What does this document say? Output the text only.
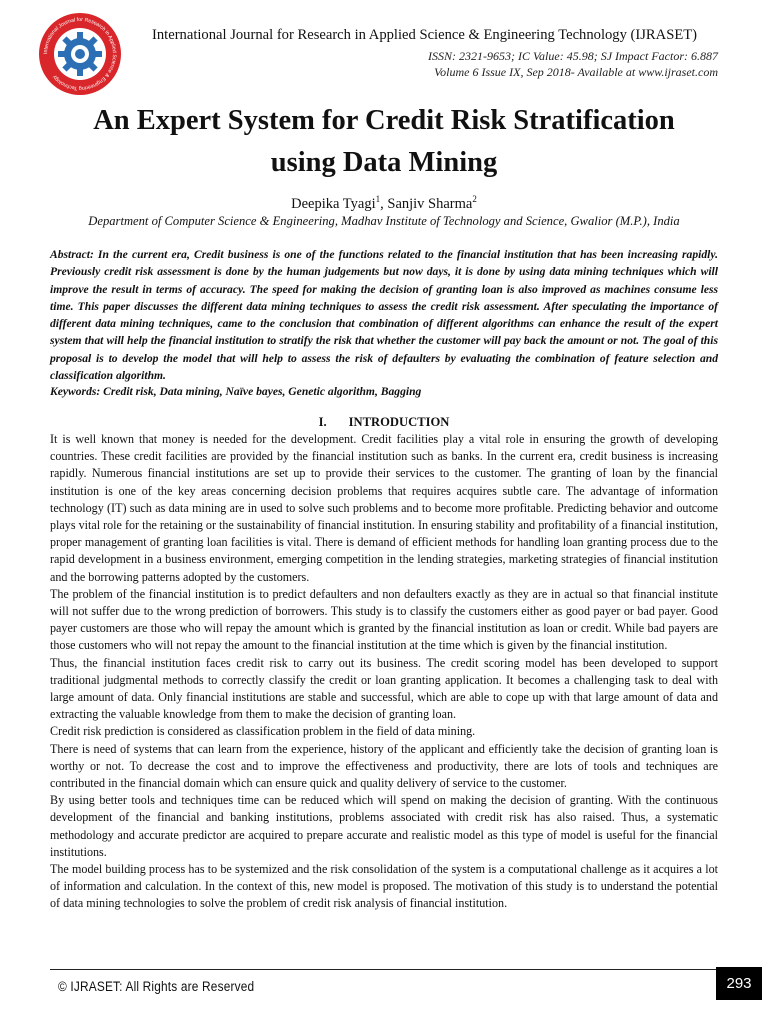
International Journal for Research in Applied Science & Engineering Technology
International Journal for Research in Applied Science & Engineering Technology (IJRASET)
ISSN: 2321-9653; IC Value: 45.98; SJ Impact Factor: 6.887
Volume 6 Issue IX, Sep 2018- Available at www.ijraset.com
An Expert System for Credit Risk Stratification
using Data Mining
Deepika Tyagi$^1$, Sanjiv Sharma$^2$
Department of Computer Science & Engineering, Madhav Institute of Technology and Science, Gwalior (M.P.), India

Abstract: In the current era, Credit business is one of the functions related to the financial institution that has been increasing rapidly. Previously credit risk assessment is done by the human judgements but now days, it is done by using data mining techniques which will improve the result in terms of accuracy. The speed for making the decision of granting loan is also improved as machines consume less time. This paper discusses the different data mining techniques to assess the credit risk assessment. After speculating the importance of different data mining techniques, came to the conclusion that combination of different algorithms can enhance the result of the expert system that will help the financial institution to stratify the risk that whether the customer will pay back the amount or not. The goal of this proposal is to develop the model that will help to assess the risk of defaulters by evaluating the combination of feature selection and classification algorithm.

Keywords: Credit risk, Data mining, Naïve bayes, Genetic algorithm, Bagging

I. INTRODUCTION

It is well known that money is needed for the development. Credit facilities play a vital role in ensuring the growth of developing countries. These credit facilities are provided by the financial institution such as banks. In the current era, credit business is increasing rapidly. Numerous financial institutions are set up to provide their services to the customer. The granting of loan by the financial institution is one of the key areas concerning decision problems that requires acquires subtle care. The advantage of information technology (IT) such as data mining are in used to solve such problems and to become more profitable. Predicting behavior and outcome plays vital role for the retaining or the sustainability of financial institution. In ensuring stability and profitability of a financial institution, proper management of granting loan facilities is vital. There is demand of efficient methods for handling loan granting process due to the rapid development in a business environment, emerging competition in the lending strategies, marketing strategies of financial institution and the borrowing patterns adopted by the customers.

The problem of the financial institution is to predict defaulters and non defaulters exactly as they are in actual so that financial institute will not suffer due to the wrong prediction of borrowers. This study is to classify the customers either as good payer or bad payer. Good payer customers are those who will repay the amount which is granted by the financial institution as loan or credit. While bad payers are those customers who will not repay the amount to the financial institution at the time which is given by the financial institution.

Thus, the financial institution faces credit risk to carry out its business. The credit scoring model has been developed to support traditional judgmental methods to correctly classify the credit or loan granting application. It becomes a challenging task to deal with large amount of data. Only financial institutions are stable and successful, which are able to cope up with that large amount of data and extracting the valuable knowledge from them to make the decision of granting loan.

Credit risk prediction is considered as classification problem in the field of data mining.

There is need of systems that can learn from the experience, history of the applicant and efficiently take the decision of granting loan is worthy or not. To decrease the cost and to improve the effectiveness and productivity, there are lots of tools and techniques are contributed in the financial domain which can ensure quick and quality delivery of service to the customer.

By using better tools and techniques time can be reduced which will spend on making the decision of granting. With the continuous development of the financial and banking institutions, problems associated with credit risk has also raised. Thus, a systematic methodology and accurate predictor are acquired to prepare accurate and realistic model as this type of model is useful for the financial institutions.

The model building process has to be systemized and the risk consolidation of the system is a computational challenge as it acquires a lot of information and calculation. In the context of this, new model is proposed. The motivation of this study is to understand the potential of data mining technologies to solve the problem of credit risk analysis of financial institution.

© IJRASET: All Rights are Reserved	293
